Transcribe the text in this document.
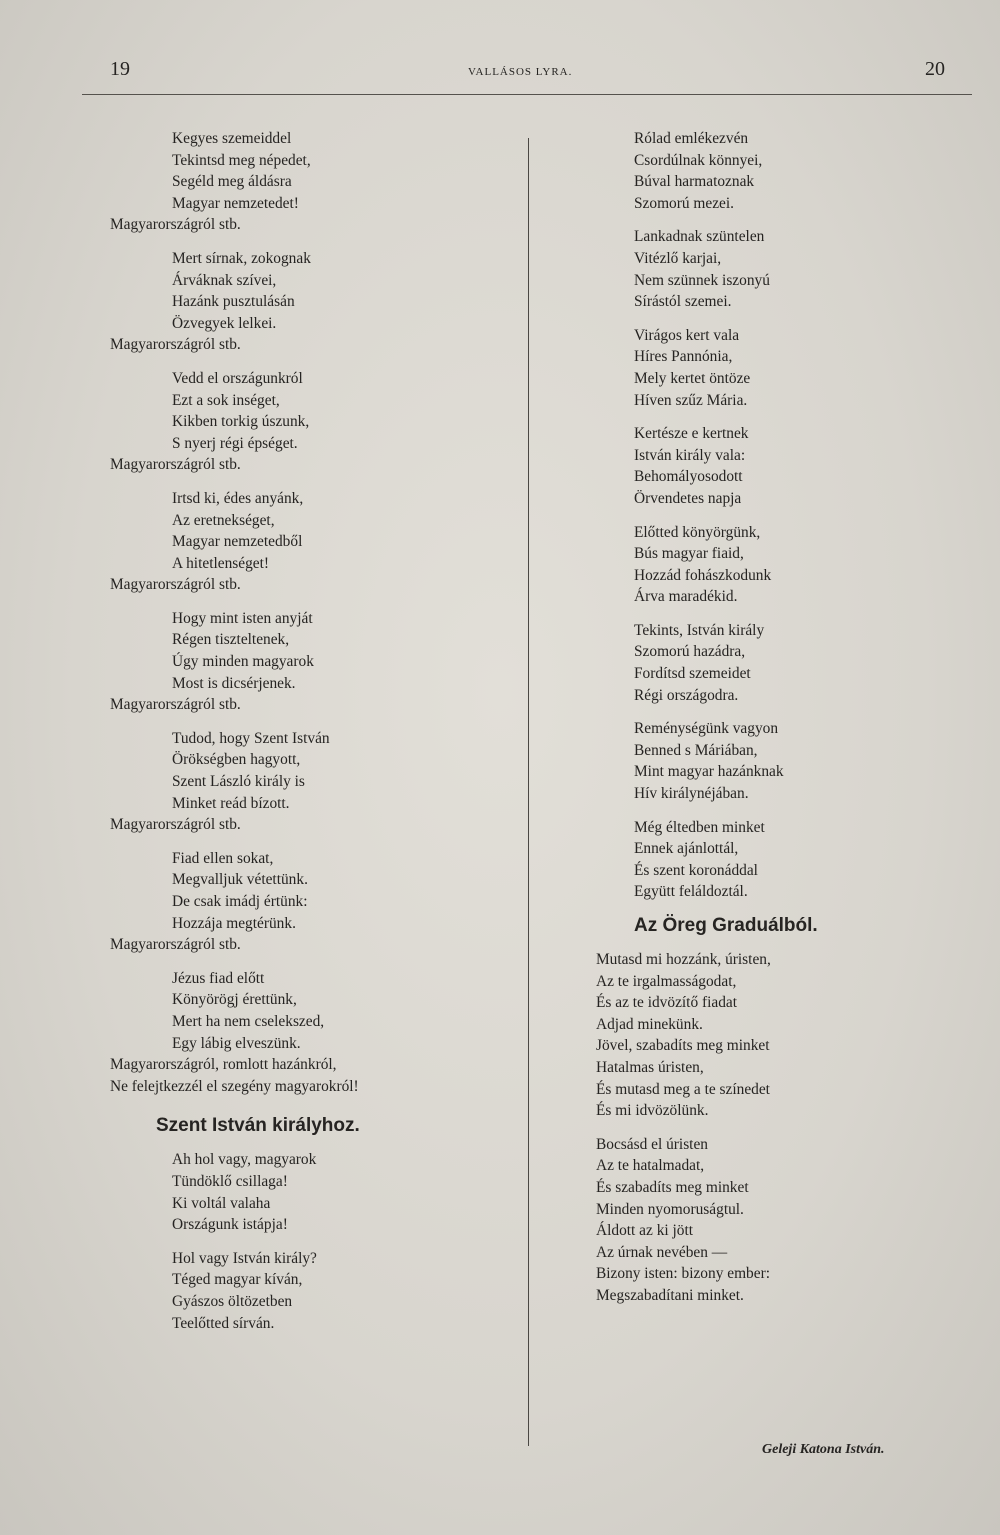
19	VALLÁSOS LYRA.	20
Kegyes szemeiddel
Tekintsd meg népedet,
Segéld meg áldásra
Magyar nemzetedet!
Magyarországról stb.
Mert sírnak, zokognak
Árváknak szívei,
Hazánk pusztulásán
Özvegyek lelkei.
Magyarországról stb.
Vedd el országunkról
Ezt a sok inséget,
Kikben torkig úszunk,
S nyerj régi épséget.
Magyarországról stb.
Irtsd ki, édes anyánk,
Az eretnekséget,
Magyar nemzetedből
A hitetlenséget!
Magyarországról stb.
Hogy mint isten anyját
Régen tiszteltenek,
Úgy minden magyarok
Most is dicsérjenek.
Magyarországról stb.
Tudod, hogy Szent István
Örökségben hagyott,
Szent László király is
Minket reád bízott.
Magyarországról stb.
Fiad ellen sokat,
Megvalljuk vétettünk.
De csak imádj értünk:
Hozzája megtérünk.
Magyarországról stb.
Jézus fiad előtt
Könyörögj érettünk,
Mert ha nem cselekszed,
Egy lábig elveszünk.
Magyarországról, romlott hazánkról,
Ne felejtkezzél el szegény magyarokról!
Szent István királyhoz.
Ah hol vagy, magyarok
Tündöklő csillaga!
Ki voltál valaha
Országunk istápja!
Hol vagy István király?
Téged magyar kíván,
Gyászos öltözetben
Teelőtted sírván.
Rólad emlékezvén
Csordúlnak könnyei,
Búval harmatoznak
Szomorú mezei.
Lankadnak szüntelen
Vitézlő karjai,
Nem szünnek iszonyú
Sírástól szemei.
Virágos kert vala
Híres Pannónia,
Mely kertet öntöze
Híven szűz Mária.
Kertésze e kertnek
István király vala:
Behomályosodott
Örvendetes napja
Előtted könyörgünk,
Bús magyar fiaid,
Hozzád fohászkodunk
Árva maradékid.
Tekints, István király
Szomorú hazádra,
Fordítsd szemeidet
Régi országodra.
Reménységünk vagyon
Benned s Máriában,
Mint magyar hazánknak
Hív királynéjában.
Még éltedben minket
Ennek ajánlottál,
És szent koronáddal
Együtt feláldoztál.
Az Öreg Graduálból.
Mutasd mi hozzánk, úristen,
Az te irgalmasságodat,
És az te idvözítő fiadat
Adjad minekünk.
Jövel, szabadíts meg minket
Hatalmas úristen,
És mutasd meg a te színedet
És mi idvözölünk.
Bocsásd el úristen
Az te hatalmadat,
És szabadíts meg minket
Minden nyomoruságtul.
Áldott az ki jött
Az úrnak nevében —
Bizony isten: bizony ember:
Megszabadítani minket.
Geleji Katona István.
